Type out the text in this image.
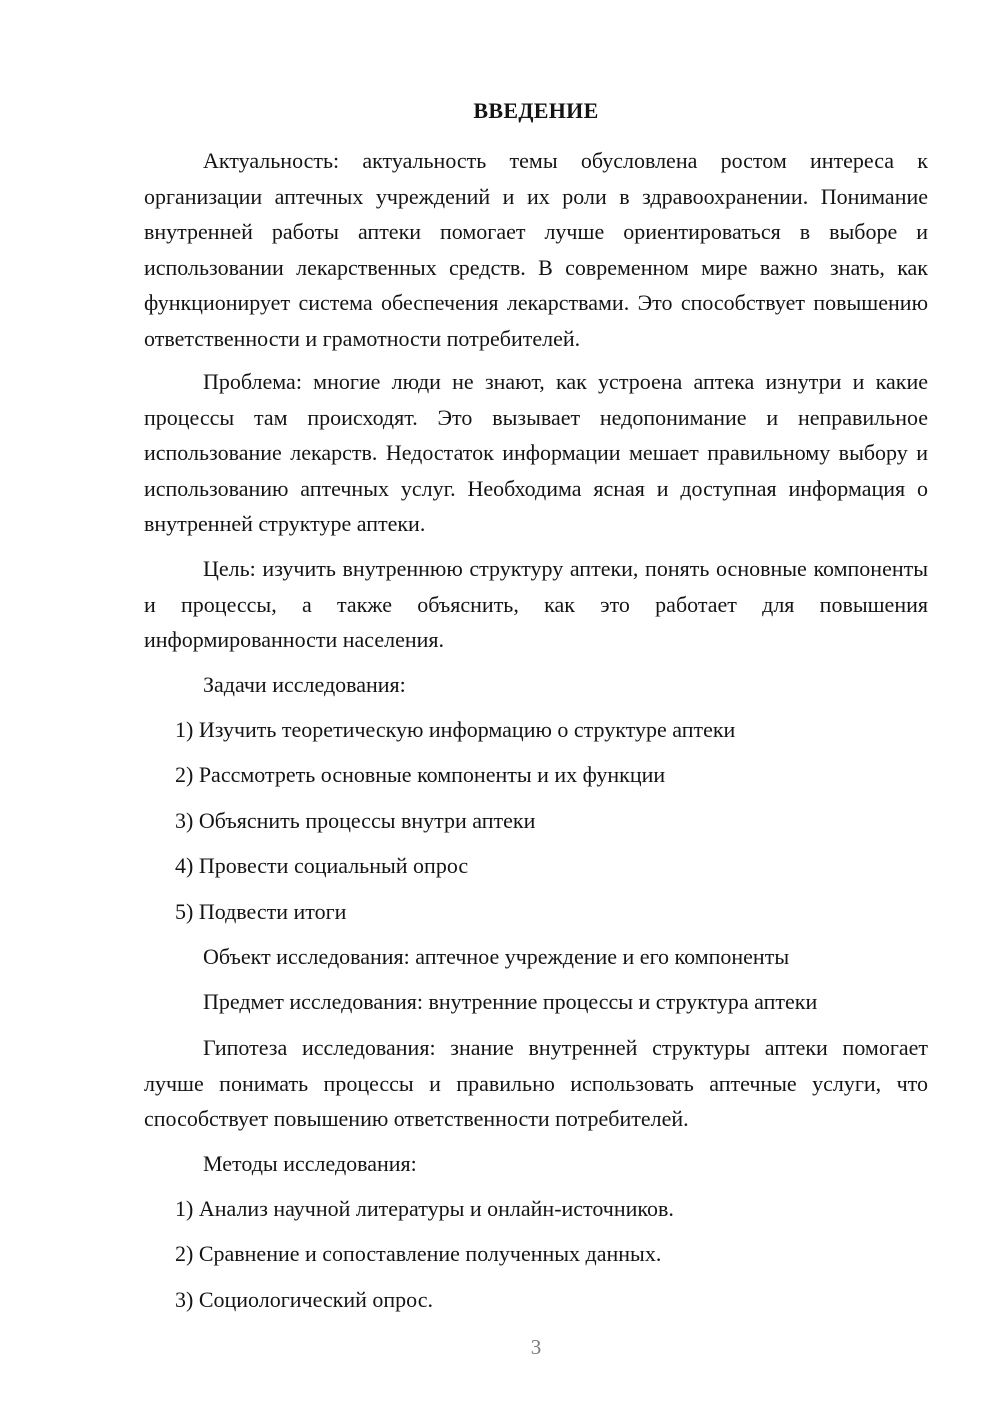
ВВЕДЕНИЕ

Актуальность: актуальность темы обусловлена ростом интереса к организации аптечных учреждений и их роли в здравоохранении. Понимание внутренней работы аптеки помогает лучше ориентироваться в выборе и использовании лекарственных средств. В современном мире важно знать, как функционирует система обеспечения лекарствами. Это способствует повышению ответственности и грамотности потребителей.

Проблема: многие люди не знают, как устроена аптека изнутри и какие процессы там происходят. Это вызывает недопонимание и неправильное использование лекарств. Недостаток информации мешает правильному выбору и использованию аптечных услуг. Необходима ясная и доступная информация о внутренней структуре аптеки.

Цель: изучить внутреннюю структуру аптеки, понять основные компоненты и процессы, а также объяснить, как это работает для повышения информированности населения.

Задачи исследования:
1) Изучить теоретическую информацию о структуре аптеки
2) Рассмотреть основные компоненты и их функции
3) Объяснить процессы внутри аптеки
4) Провести социальный опрос
5) Подвести итоги
Объект исследования: аптечное учреждение и его компоненты
Предмет исследования: внутренние процессы и структура аптеки

Гипотеза исследования: знание внутренней структуры аптеки помогает лучше понимать процессы и правильно использовать аптечные услуги, что способствует повышению ответственности потребителей.

Методы исследования:
1) Анализ научной литературы и онлайн-источников.
2) Сравнение и сопоставление полученных данных.
3) Социологический опрос.
3
